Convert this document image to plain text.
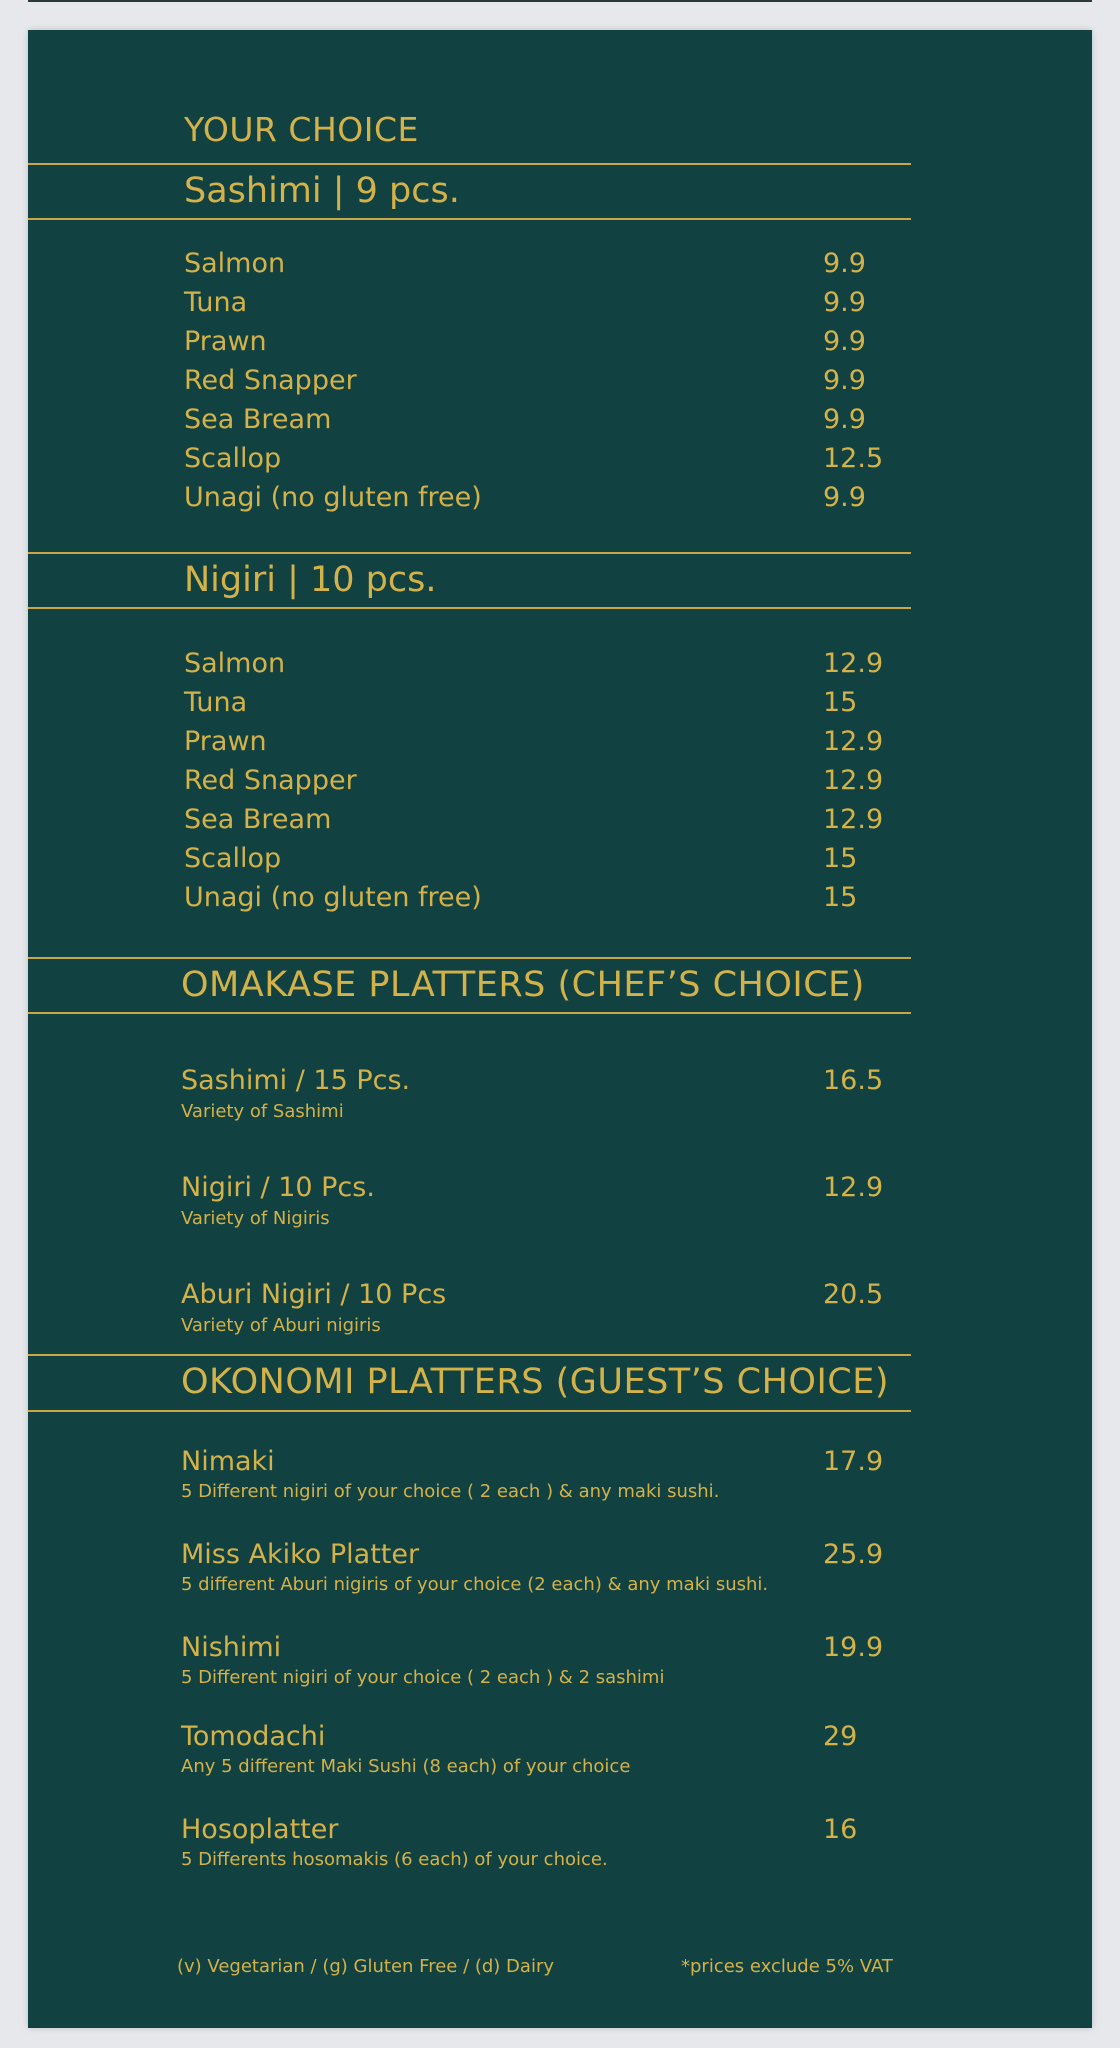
YOUR CHOICE
Sashimi | 9 pcs.
Salmon	9.9
Tuna	9.9
Prawn	9.9
Red Snapper	9.9
Sea Bream	9.9
Scallop	12.5
Unagi (no gluten free)	9.9
Nigiri | 10 pcs.
Salmon	12.9
Tuna	15
Prawn	12.9
Red Snapper	12.9
Sea Bream	12.9
Scallop	15
Unagi (no gluten free)	15
OMAKASE PLATTERS (CHEF’S CHOICE)
Sashimi / 15 Pcs.	16.5
Variety of Sashimi
Nigiri / 10 Pcs.	12.9
Variety of Nigiris
Aburi Nigiri / 10 Pcs	20.5
Variety of Aburi nigiris
OKONOMI PLATTERS (GUEST’S CHOICE)
Nimaki	17.9
5 Different nigiri of your choice ( 2 each ) & any maki sushi.
Miss Akiko Platter	25.9
5 different Aburi nigiris of your choice (2 each) & any maki sushi.
Nishimi	19.9
5 Different nigiri of your choice ( 2 each ) & 2 sashimi
Tomodachi	29
Any 5 different Maki Sushi (8 each) of your choice
Hosoplatter	16
5 Differents hosomakis (6 each) of your choice.
(v) Vegetarian / (g) Gluten Free / (d) Dairy	*prices exclude 5% VAT
